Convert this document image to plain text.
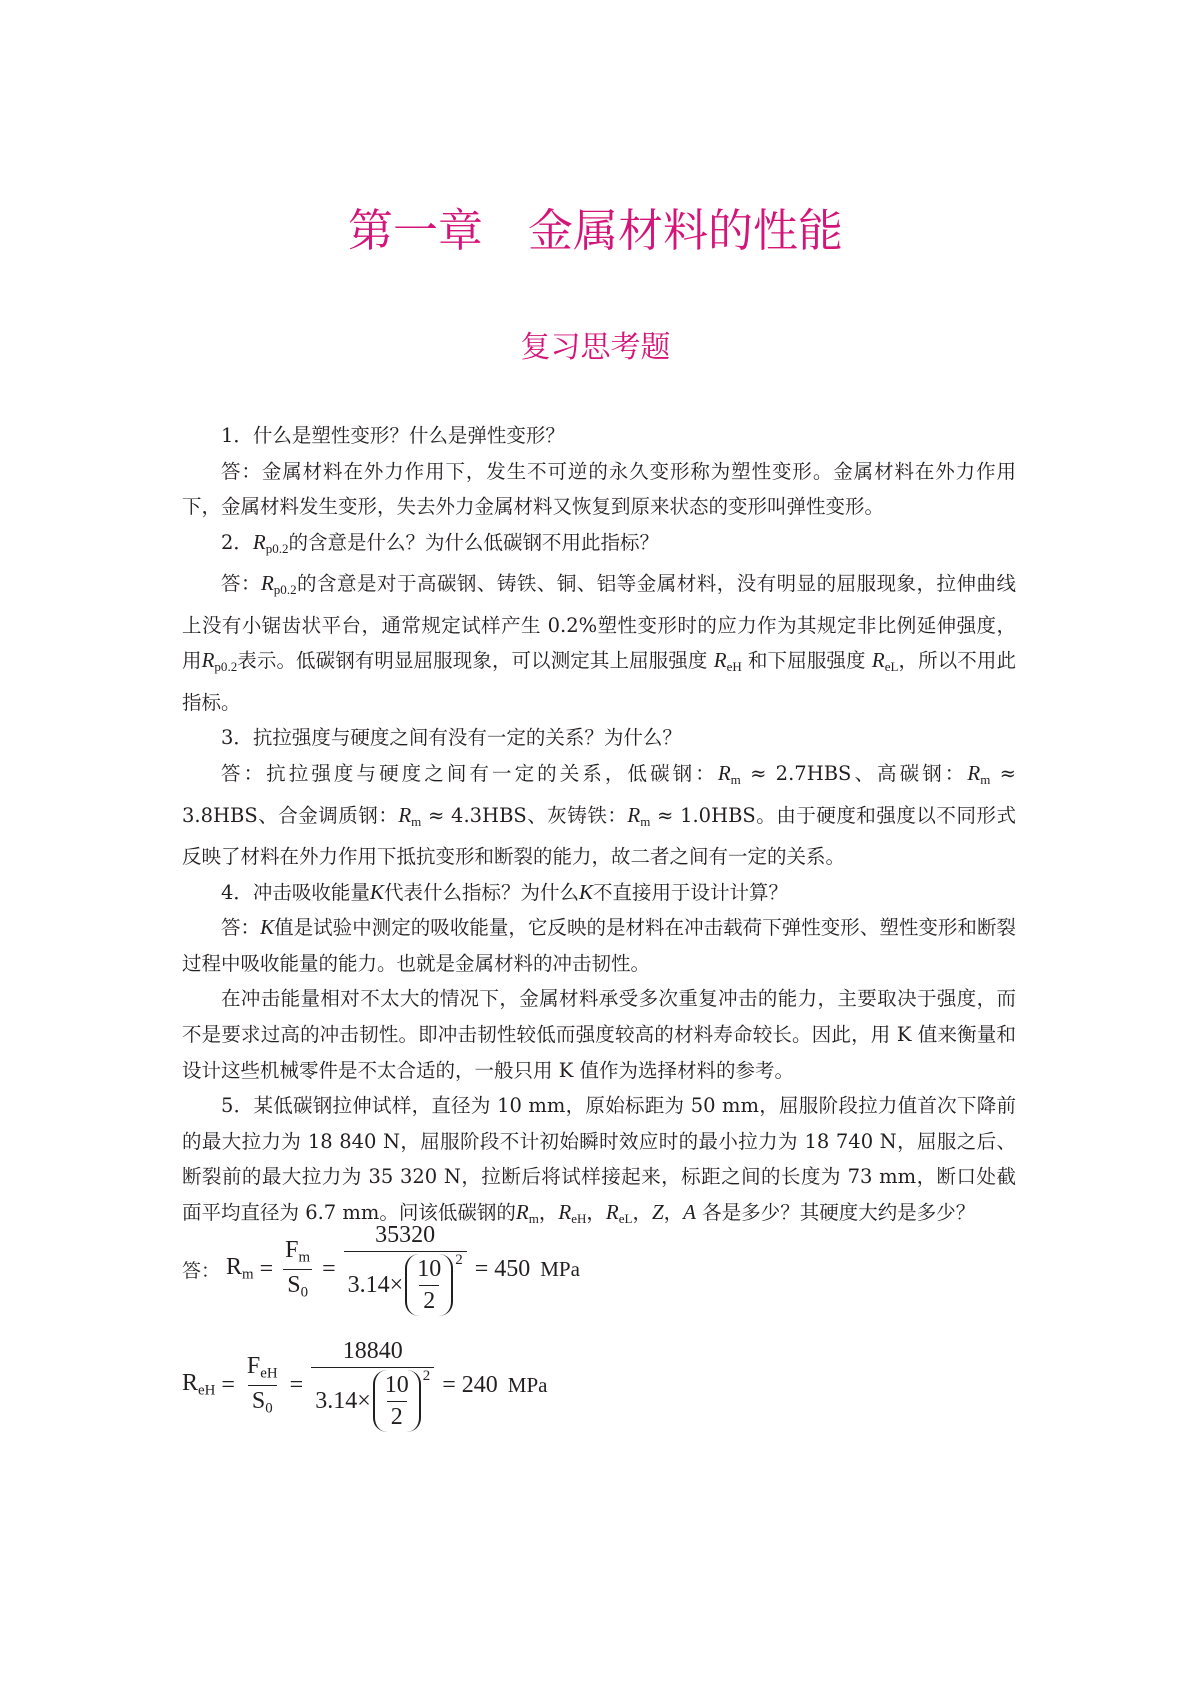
第一章　金属材料的性能
复习思考题

1．什么是塑性变形？什么是弹性变形？

答：金属材料在外力作用下，发生不可逆的永久变形称为塑性变形。金属材料在外力作用下，金属材料发生变形，失去外力金属材料又恢复到原来状态的变形叫弹性变形。

2．$R_{p0.2}$的含意是什么？为什么低碳钢不用此指标？

答：$R_{p0.2}$的含意是对于高碳钢、铸铁、铜、铝等金属材料，没有明显的屈服现象，拉伸曲线上没有小锯齿状平台，通常规定试样产生 0.2%塑性变形时的应力作为其规定非比例延伸强度，用$R_{p0.2}$表示。低碳钢有明显屈服现象，可以测定其上屈服强度 $R_{eH}$ 和下屈服强度 $R_{eL}$，所以不用此指标。

3．抗拉强度与硬度之间有没有一定的关系？为什么？

答：抗拉强度与硬度之间有一定的关系，低碳钢：$R_m \approx 2.7HBS$、高碳钢：$R_m \approx 3.8HBS$、合金调质钢：$R_m \approx 4.3HBS$、灰铸铁：$R_m \approx 1.0HBS$。由于硬度和强度以不同形式反映了材料在外力作用下抵抗变形和断裂的能力，故二者之间有一定的关系。

4．冲击吸收能量K代表什么指标？为什么K不直接用于设计计算？

答：K值是试验中测定的吸收能量，它反映的是材料在冲击载荷下弹性变形、塑性变形和断裂过程中吸收能量的能力。也就是金属材料的冲击韧性。

在冲击能量相对不太大的情况下，金属材料承受多次重复冲击的能力，主要取决于强度，而不是要求过高的冲击韧性。即冲击韧性较低而强度较高的材料寿命较长。因此，用 K 值来衡量和设计这些机械零件是不太合适的，一般只用 K 值作为选择材料的参考。

5．某低碳钢拉伸试样，直径为 10 mm，原始标距为 50 mm，屈服阶段拉力值首次下降前的最大拉力为 18 840 N，屈服阶段不计初始瞬时效应时的最小拉力为 18 740 N，屈服之后、断裂前的最大拉力为 35 320 N，拉断后将试样接起来，标距之间的长度为 73 mm，断口处截面平均直径为 6.7 mm。问该低碳钢的$R_m$，$R_{eH}$，$R_{eL}$，Z，A 各是多少？其硬度大约是多少？

答： $R_m = \frac{F_m}{S_0}$ =
35320
$3.14\times \frac{10}{2} 2 = 450$ MPa
$R_{eH} = \frac{F_{eH}}{S_0}$ =
18840
$3.14\times \frac{10}{2} 2 = 240$ MPa
